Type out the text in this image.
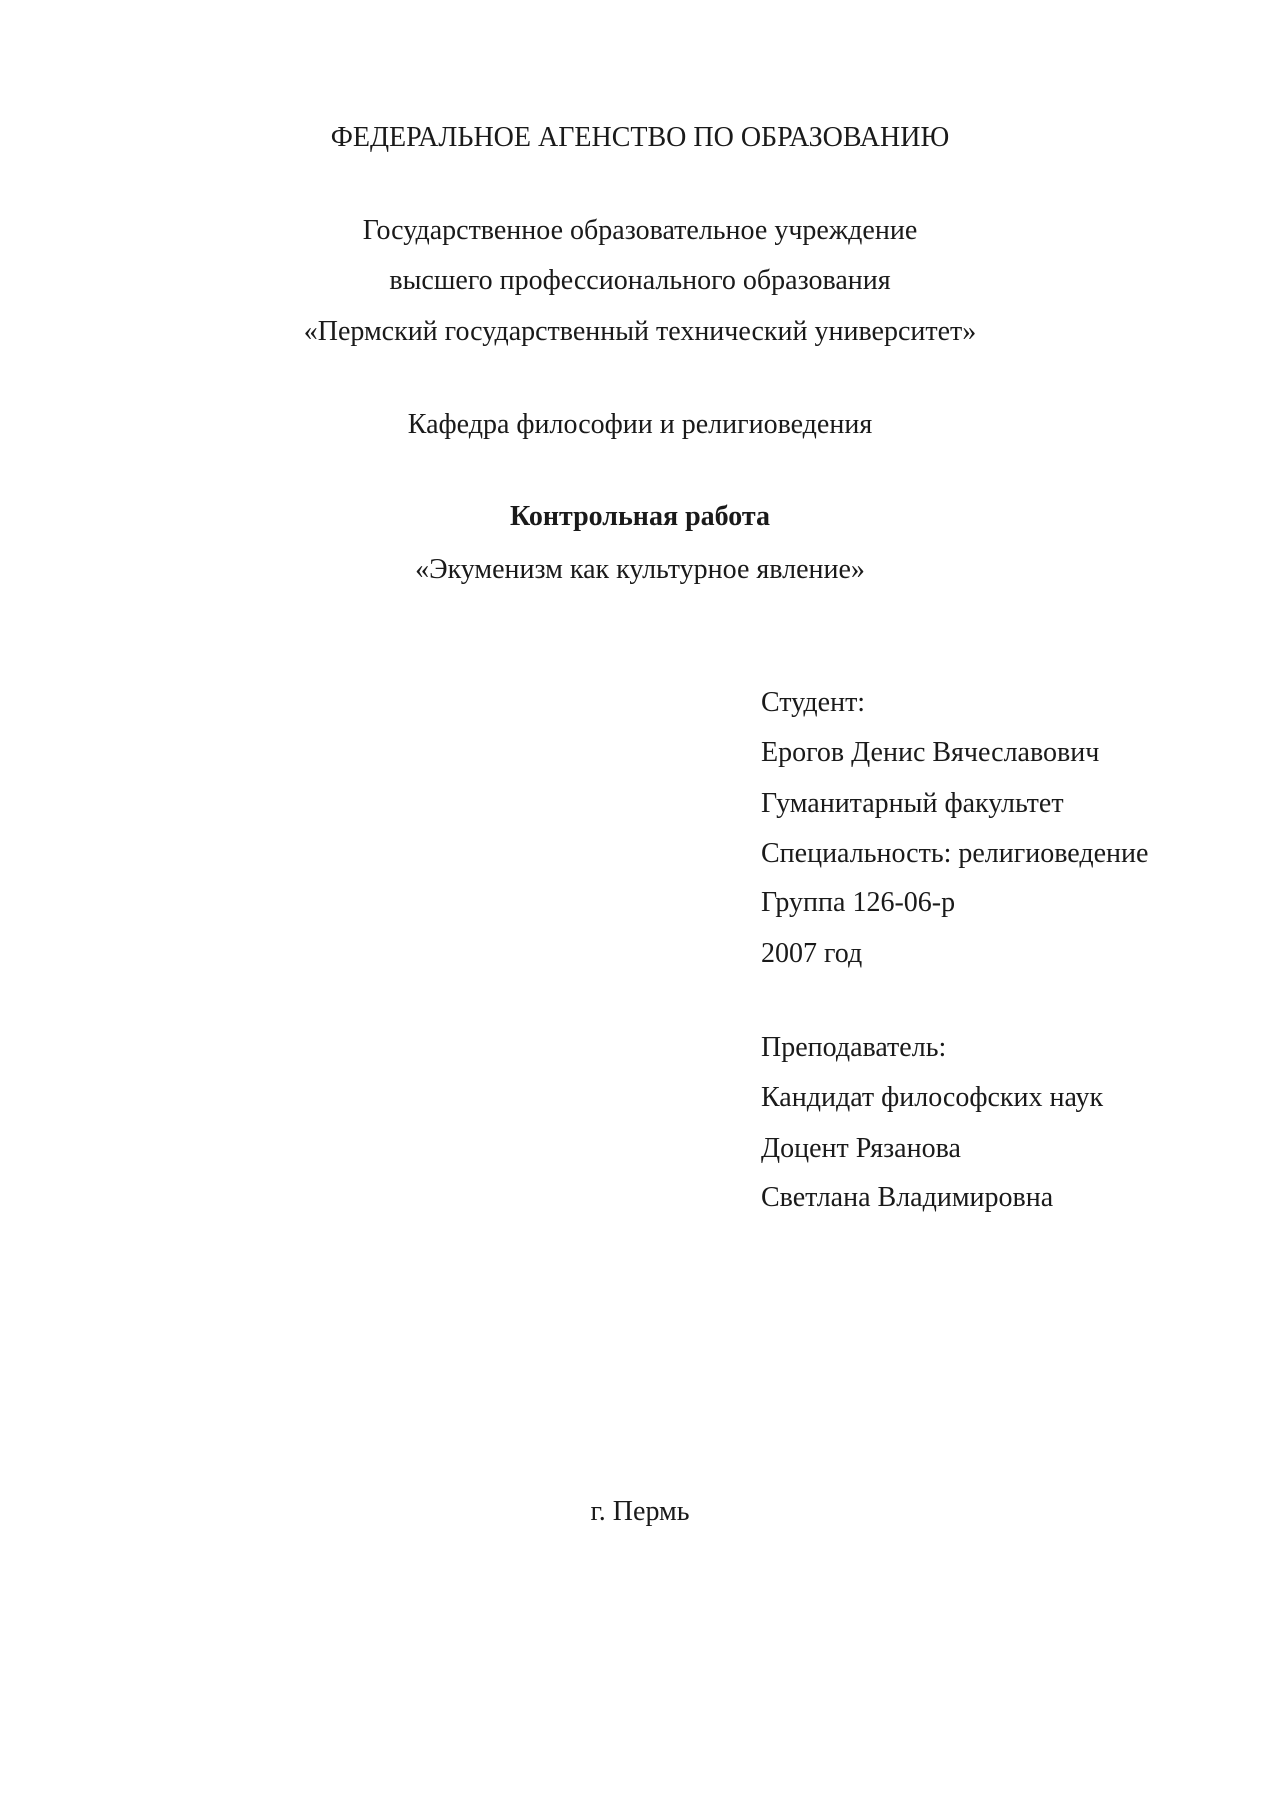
ФЕДЕРАЛЬНОЕ АГЕНСТВО ПО ОБРАЗОВАНИЮ
Государственное образовательное учреждение
высшего профессионального образования
«Пермский государственный технический университет»
Кафедра философии и религиоведения
Контрольная работа
«Экуменизм как культурное явление»
Студент:
Ерогов Денис Вячеславович
Гуманитарный факультет
Специальность: религиоведение
Группа 126-06-р
2007 год
Преподаватель:
Кандидат философских наук
Доцент Рязанова
Светлана Владимировна
г. Пермь
